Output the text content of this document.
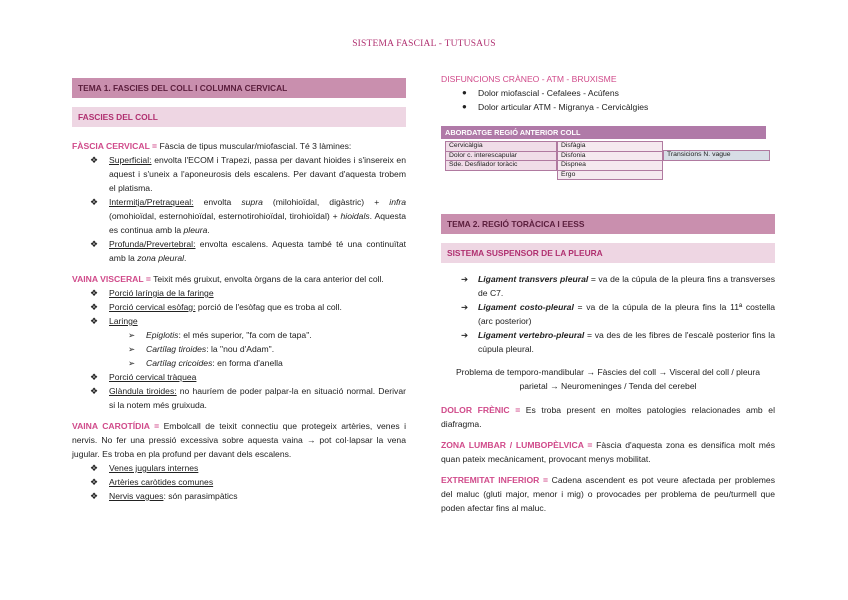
SISTEMA FASCIAL - TUTUSAUS
TEMA 1. FASCIES DEL COLL I COLUMNA CERVICAL
FASCIES DEL COLL

FÀSCIA CERVICAL = Fàscia de tipus muscular/miofascial. Té 3 làmines:

❖ Superficial: envolta l'ECOM i Trapezi, passa per davant hioides i s'insereix en aquest i s'uneix a l'aponeurosis dels escalens. Per davant d'aquesta trobem el platisma.
❖ Intermitja/Pretraqueal: envolta supra (milohioïdal, digàstric) + infra (omohioïdal, esternohioïdal, esternotirohioïdal, tirohioïdal) + hioidals. Aquesta es continua amb la pleura.
❖ Profunda/Prevertebral: envolta escalens. Aquesta també té una continuïtat amb la zona pleural.

VAINA VISCERAL = Teixit més gruixut, envolta òrgans de la cara anterior del coll.

❖ Porció laríngia de la faringe
❖ Porció cervical esòfag: porció de l'esòfag que es troba al coll.
❖ Laringe
➢ Epiglotis: el més superior, "fa com de tapa".
➢ Cartílag tiroides: la "nou d'Adam".
➢ Cartílag cricoides: en forma d'anella
❖ Porció cervical tràquea
❖ Glàndula tiroides: no hauríem de poder palpar-la en situació normal. Derivar si la notem més gruixuda.

VAINA CAROTÍDIA = Embolcall de teixit connectiu que protegeix artèries, venes i nervis. No fer una pressió excessiva sobre aquesta vaina → pot col·lapsar la vena jugular. Es troba en pla profund per davant dels escalens.

❖ Venes jugulars internes
❖ Artèries caròtides comunes
❖ Nervis vagues: són parasimpàtics
DISFUNCIONS CRÀNEO - ATM - BRUXISME
● Dolor miofascial - Cefalees - Acúfens
● Dolor articular ATM - Migranya - Cervicàlgies
ABORDATGE REGIÓ ANTERIOR COLL
Cervicàlgia
Dolor c. interescapular
Sde. Desfilador toràcic
Disfàgia
Disfonia
Dispnea
Ergo
Transicions N. vague
TEMA 2. REGIÓ TORÀCICA I EESS
SISTEMA SUSPENSOR DE LA PLEURA
➔ Ligament transvers pleural = va de la cúpula de la pleura fins a transverses de C7.
➔ Ligament costo-pleural = va de la cúpula de la pleura fins la 11ª costella (arc posterior)
➔ Ligament vertebro-pleural = va des de les fibres de l'escalè posterior fins la cúpula pleural.
Problema de temporo-mandibular → Fàscies del coll → Visceral del coll / pleura
parietal → Neuromeninges / Tenda del cerebel

DOLOR FRÈNIC = Es troba present en moltes patologies relacionades amb el diafragma.

ZONA LUMBAR / LUMBOPÈLVICA = Fàscia d'aquesta zona es densifica molt més quan pateix mecànicament, provocant menys mobilitat.

EXTREMITAT INFERIOR = Cadena ascendent es pot veure afectada per problemes del maluc (gluti major, menor i mig) o provocades per problema de peu/turmell que poden afectar fins al maluc.
